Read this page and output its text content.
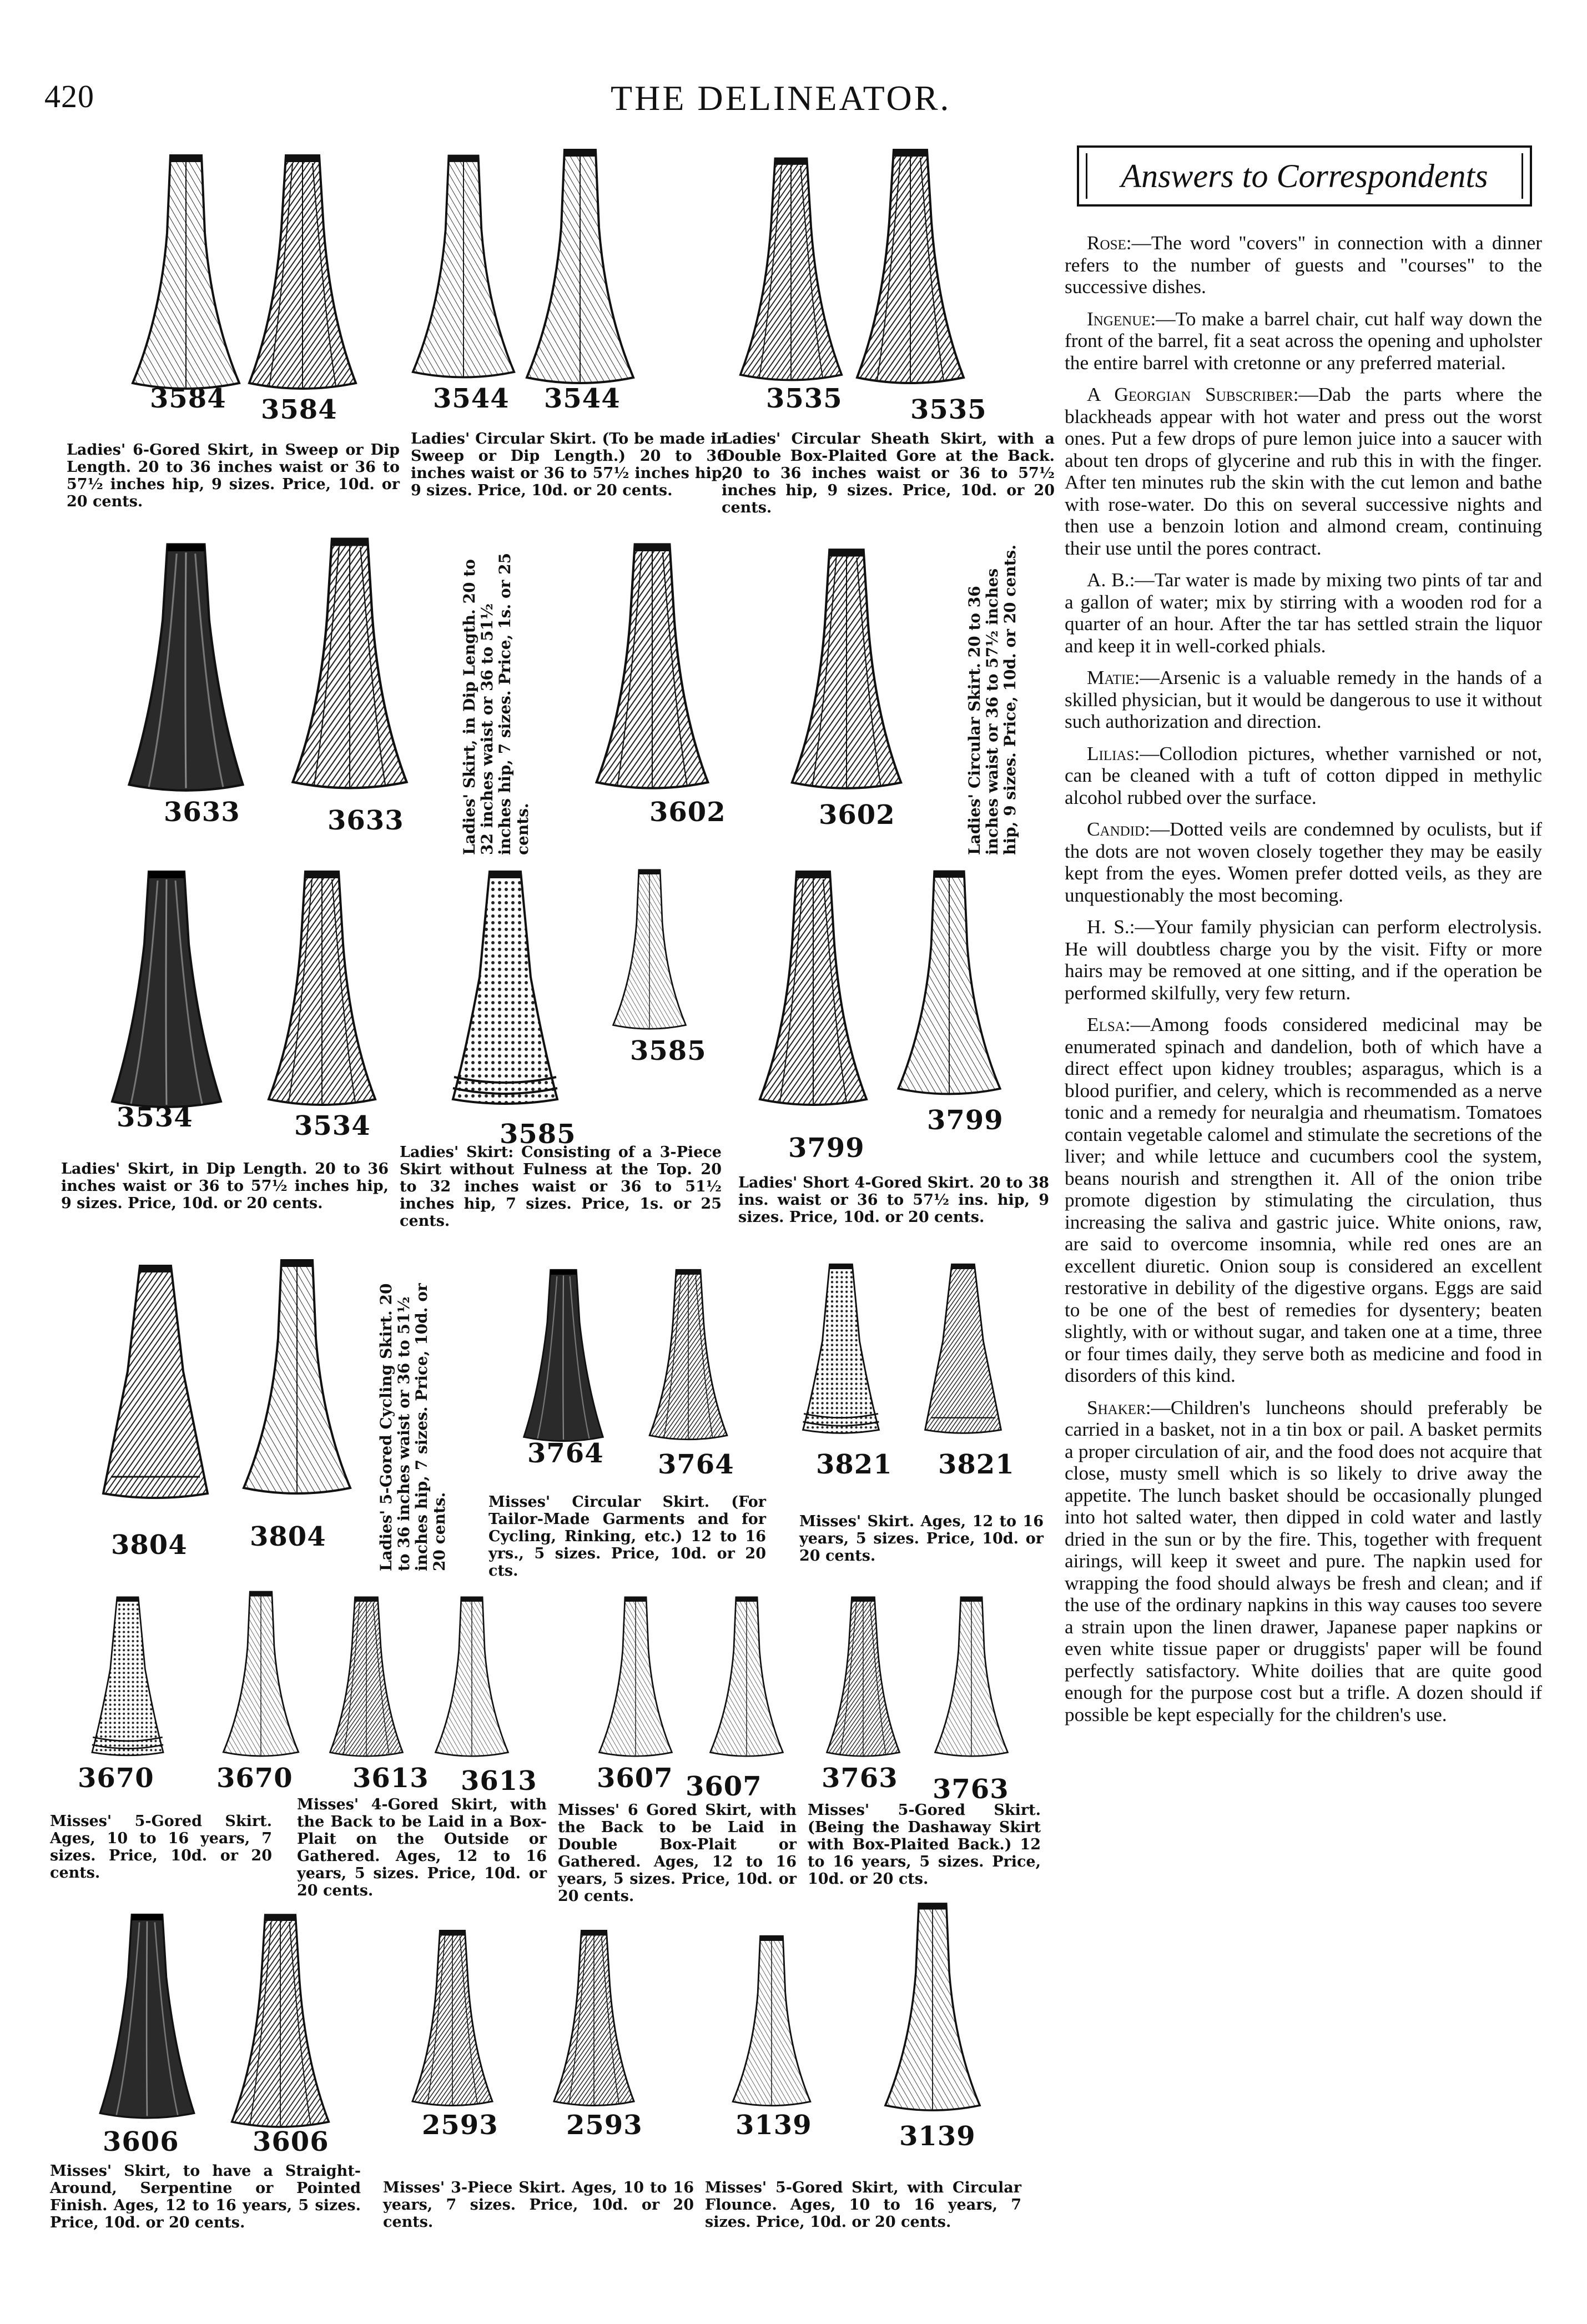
420	THE DELINEATOR.
3584 3584	3544 3544	3535	3535
Ladies' 6-Gored Skirt, in Sweep or Dip Length. 20 to 36 inches waist or 36 to 57½ inches hip, 9 sizes. Price, 10d. or 20 cents.
Ladies' Circular Skirt. (To be made in Sweep or Dip Length.) 20 to 36 inches waist or 36 to 57½ inches hip, 9 sizes. Price, 10d. or 20 cents.
Ladies' Circular Sheath Skirt, with a Double Box-Plaited Gore at the Back. 20 to 36 inches waist or 36 to 57½ inches hip, 9 sizes. Price, 10d. or 20 cents.
3633	3633	3602	3602
Ladies' Skirt, in Dip Length. 20 to 32 inches waist or 36 to 51½ inches hip, 7 sizes. Price, 1s. or 25 cents.	Ladies' Circular Skirt. 20 to 36 inches waist or 36 to 57½ inches hip, 9 sizes. Price, 10d. or 20 cents.
3534	3534
3585
3585	3799
3799
Ladies' Skirt, in Dip Length. 20 to 36 inches waist or 36 to 57½ inches hip, 9 sizes. Price, 10d. or 20 cents.
Ladies' Skirt: Consisting of a 3-Piece Skirt without Fulness at the Top. 20 to 32 inches waist or 36 to 51½ inches hip, 7 sizes. Price, 1s. or 25 cents.
Ladies' Short 4-Gored Skirt. 20 to 38 ins. waist or 36 to 57½ ins. hip, 9 sizes. Price, 10d. or 20 cents.
3804 3804
3764 3764	3821 3821
Ladies' 5-Gored Cycling Skirt. 20 to 36 inches waist or 36 to 51½ inches hip, 7 sizes. Price, 10d. or 20 cents.	Misses' Circular Skirt. (For Tailor-Made Garments and for Cycling, Rinking, etc.) 12 to 16 yrs., 5 sizes. Price, 10d. or 20 cts.
Misses' Skirt. Ages, 12 to 16 years, 5 sizes. Price, 10d. or 20 cents.
3670 3670 3613 3613 3607 3607 3763 3763
Misses' 5-Gored Skirt. Ages, 10 to 16 years, 7 sizes. Price, 10d. or 20 cents.
Misses' 4-Gored Skirt, with the Back to be Laid in a Box-Plait on the Outside or Gathered. Ages, 12 to 16 years, 5 sizes. Price, 10d. or 20 cents.
Misses' 6 Gored Skirt, with the Back to be Laid in Double Box-Plait or Gathered. Ages, 12 to 16 years, 5 sizes. Price, 10d. or 20 cents.
Misses' 5-Gored Skirt. (Being the Dashaway Skirt with Box-Plaited Back.) 12 to 16 years, 5 sizes. Price, 10d. or 20 cts.
3606	3606
2593	2593	3139	3139
Misses' Skirt, to have a Straight-Around, Serpentine or Pointed Finish. Ages, 12 to 16 years, 5 sizes. Price, 10d. or 20 cents.
Misses' 3-Piece Skirt. Ages, 10 to 16 years, 7 sizes. Price, 10d. or 20 cents.
Misses' 5-Gored Skirt, with Circular Flounce. Ages, 10 to 16 years, 7 sizes. Price, 10d. or 20 cents.
Answers to Correspondents

Rose:—The word "covers" in connection with a dinner refers to the number of guests and "courses" to the successive dishes.

Ingenue:—To make a barrel chair, cut half way down the front of the barrel, fit a seat across the opening and upholster the entire barrel with cretonne or any preferred material.

A Georgian Subscriber:—Dab the parts where the blackheads appear with hot water and press out the worst ones. Put a few drops of pure lemon juice into a saucer with about ten drops of glycerine and rub this in with the finger. After ten minutes rub the skin with the cut lemon and bathe with rose-water. Do this on several successive nights and then use a benzoin lotion and almond cream, continuing their use until the pores contract.

A. B.:—Tar water is made by mixing two pints of tar and a gallon of water; mix by stirring with a wooden rod for a quarter of an hour. After the tar has settled strain the liquor and keep it in well-corked phials.

Matie:—Arsenic is a valuable remedy in the hands of a skilled physician, but it would be dangerous to use it without such authorization and direction.

Lilias:—Collodion pictures, whether varnished or not, can be cleaned with a tuft of cotton dipped in methylic alcohol rubbed over the surface.

Candid:—Dotted veils are condemned by oculists, but if the dots are not woven closely together they may be easily kept from the eyes. Women prefer dotted veils, as they are unquestionably the most becoming.

H. S.:—Your family physician can perform electrolysis. He will doubtless charge you by the visit. Fifty or more hairs may be removed at one sitting, and if the operation be performed skilfully, very few return.

Elsa:—Among foods considered medicinal may be enumerated spinach and dandelion, both of which have a direct effect upon kidney troubles; asparagus, which is a blood purifier, and celery, which is recommended as a nerve tonic and a remedy for neuralgia and rheumatism. Tomatoes contain vegetable calomel and stimulate the secretions of the liver; and while lettuce and cucumbers cool the system, beans nourish and strengthen it. All of the onion tribe promote digestion by stimulating the circulation, thus increasing the saliva and gastric juice. White onions, raw, are said to overcome insomnia, while red ones are an excellent diuretic. Onion soup is considered an excellent restorative in debility of the digestive organs. Eggs are said to be one of the best of remedies for dysentery; beaten slightly, with or without sugar, and taken one at a time, three or four times daily, they serve both as medicine and food in disorders of this kind.

Shaker:—Children's luncheons should preferably be carried in a basket, not in a tin box or pail. A basket permits a proper circulation of air, and the food does not acquire that close, musty smell which is so likely to drive away the appetite. The lunch basket should be occasionally plunged into hot salted water, then dipped in cold water and lastly dried in the sun or by the fire. This, together with frequent airings, will keep it sweet and pure. The napkin used for wrapping the food should always be fresh and clean; and if the use of the ordinary napkins in this way causes too severe a strain upon the linen drawer, Japanese paper napkins or even white tissue paper or druggists' paper will be found perfectly satisfactory. White doilies that are quite good enough for the purpose cost but a trifle. A dozen should if possible be kept especially for the children's use.
